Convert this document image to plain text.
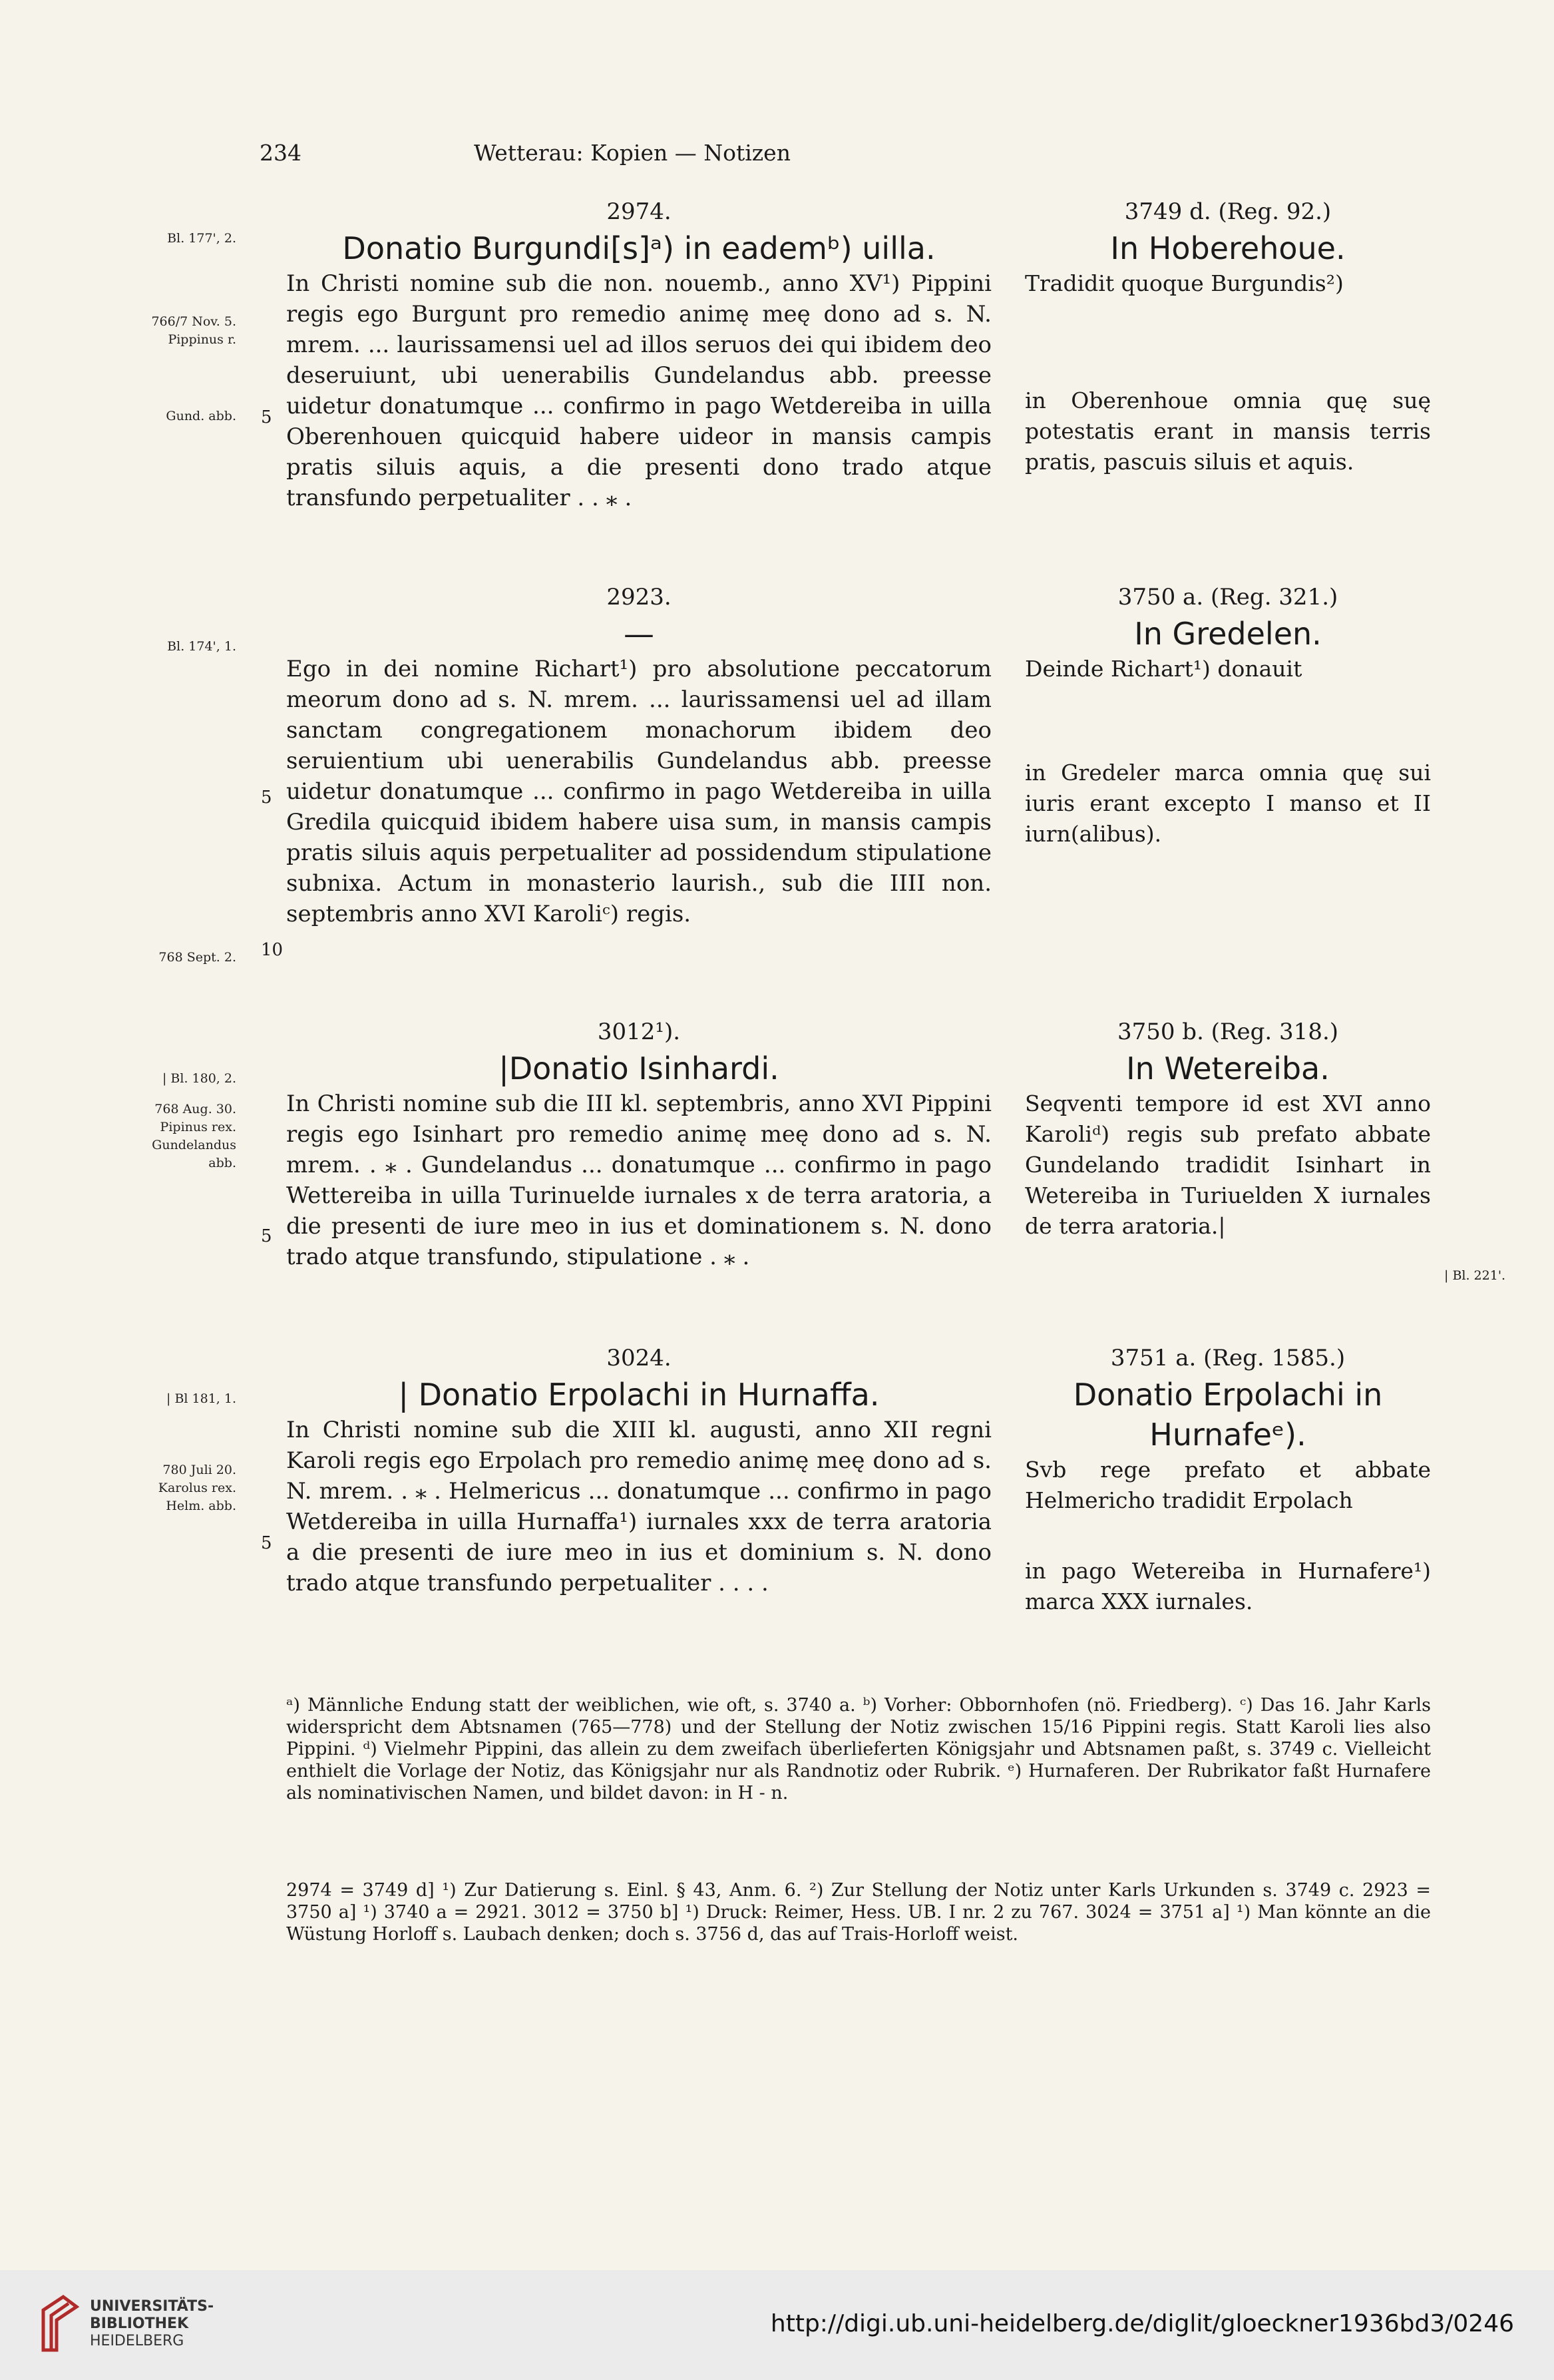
234	Wetterau: Kopien — Notizen
Bl. 177', 2.
766/7 Nov. 5.
Pippinus r.
Gund. abb.
Bl. 174', 1.
768 Sept. 2.
| Bl. 180, 2.
768 Aug. 30.
Pipinus rex.
Gundelandus
abb.
| Bl 181, 1.
780 Juli 20.
Karolus rex.
Helm. abb.
| Bl. 221'.
5
5
10
5
5
2974.
Donatio Burgundi[s]ᵃ) in eademᵇ) uilla.
In Christi nomine sub die non. nouemb., anno XV¹) Pippini regis ego Burgunt pro remedio animę meę dono ad s. N. mrem. ... laurissamensi uel ad illos seruos dei qui ibidem deo deseruiunt, ubi uenerabilis Gundelandus abb. preesse uidetur donatumque ... confirmo in pago Wetdereiba in uilla Oberenhouen quicquid habere uideor in mansis campis pratis siluis aquis, a die presenti dono trado atque transfundo perpetualiter . . ⁎ .
2923.
—
Ego in dei nomine Richart¹) pro absolutione peccatorum meorum dono ad s. N. mrem. ... laurissamensi uel ad illam sanctam congregationem monachorum ibidem deo seruientium ubi uenerabilis Gundelandus abb. preesse uidetur donatumque ... confirmo in pago Wetdereiba in uilla Gredila quicquid ibidem habere uisa sum, in mansis campis pratis siluis aquis perpetualiter ad possidendum stipulatione subnixa. Actum in monasterio laurish., sub die IIII non. septembris anno XVI Karoliᶜ) regis.
3012¹).
|Donatio Isinhardi.
In Christi nomine sub die III kl. septembris, anno XVI Pippini regis ego Isinhart pro remedio animę meę dono ad s. N. mrem. . ⁎ . Gundelandus ... donatumque ... confirmo in pago Wettereiba in uilla Turinuelde iurnales x de terra aratoria, a die presenti de iure meo in ius et dominationem s. N. dono trado atque transfundo, stipulatione . ⁎ .
3024.
| Donatio Erpolachi in Hurnaffa.
In Christi nomine sub die XIII kl. augusti, anno XII regni Karoli regis ego Erpolach pro remedio animę meę dono ad s. N. mrem. . ⁎ . Helmericus ... donatumque ... confirmo in pago Wetdereiba in uilla Hurnaffa¹) iurnales xxx de terra aratoria a die presenti de iure meo in ius et dominium s. N. dono trado atque transfundo perpetualiter . . . .
3749 d. (Reg. 92.)
In Hoberehoue.
Tradidit quoque Burgundis²)
in Oberenhoue omnia quę suę potestatis erant in mansis terris pratis, pascuis siluis et aquis.
3750 a. (Reg. 321.)
In Gredelen.
Deinde Richart¹) donauit
in Gredeler marca omnia quę sui iuris erant excepto I manso et II iurn(alibus).
3750 b. (Reg. 318.)
In Wetereiba.
Seqventi tempore id est XVI anno Karoliᵈ) regis sub prefato abbate Gundelando tradidit Isinhart in Wetereiba in Turiuelden X iurnales de terra aratoria.|
3751 a. (Reg. 1585.)
Donatio Erpolachi in Hurnafeᵉ).
Svb rege prefato et abbate Helmericho tradidit Erpolach
in pago Wetereiba in Hurnafere¹) marca XXX iurnales.

ᵃ) Männliche Endung statt der weiblichen, wie oft, s. 3740 a. ᵇ) Vorher: Obbornhofen (nö. Friedberg). ᶜ) Das 16. Jahr Karls widerspricht dem Abtsnamen (765—778) und der Stellung der Notiz zwischen 15/16 Pippini regis. Statt Karoli lies also Pippini. ᵈ) Vielmehr Pippini, das allein zu dem zweifach überlieferten Königsjahr und Abtsnamen paßt, s. 3749 c. Vielleicht enthielt die Vorlage der Notiz, das Königsjahr nur als Randnotiz oder Rubrik. ᵉ) Hurnaferen. Der Rubrikator faßt Hurnafere als nominativischen Namen, und bildet davon: in H - n.

2974 = 3749 d] ¹) Zur Datierung s. Einl. § 43, Anm. 6. ²) Zur Stellung der Notiz unter Karls Urkunden s. 3749 c. 2923 = 3750 a] ¹) 3740 a = 2921. 3012 = 3750 b] ¹) Druck: Reimer, Hess. UB. I nr. 2 zu 767. 3024 = 3751 a] ¹) Man könnte an die Wüstung Horloff s. Laubach denken; doch s. 3756 d, das auf Trais-Horloff weist.

UNIVERSITÄTS-
BIBLIOTHEK
HEIDELBERG
http://digi.ub.uni-heidelberg.de/diglit/gloeckner1936bd3/0246
